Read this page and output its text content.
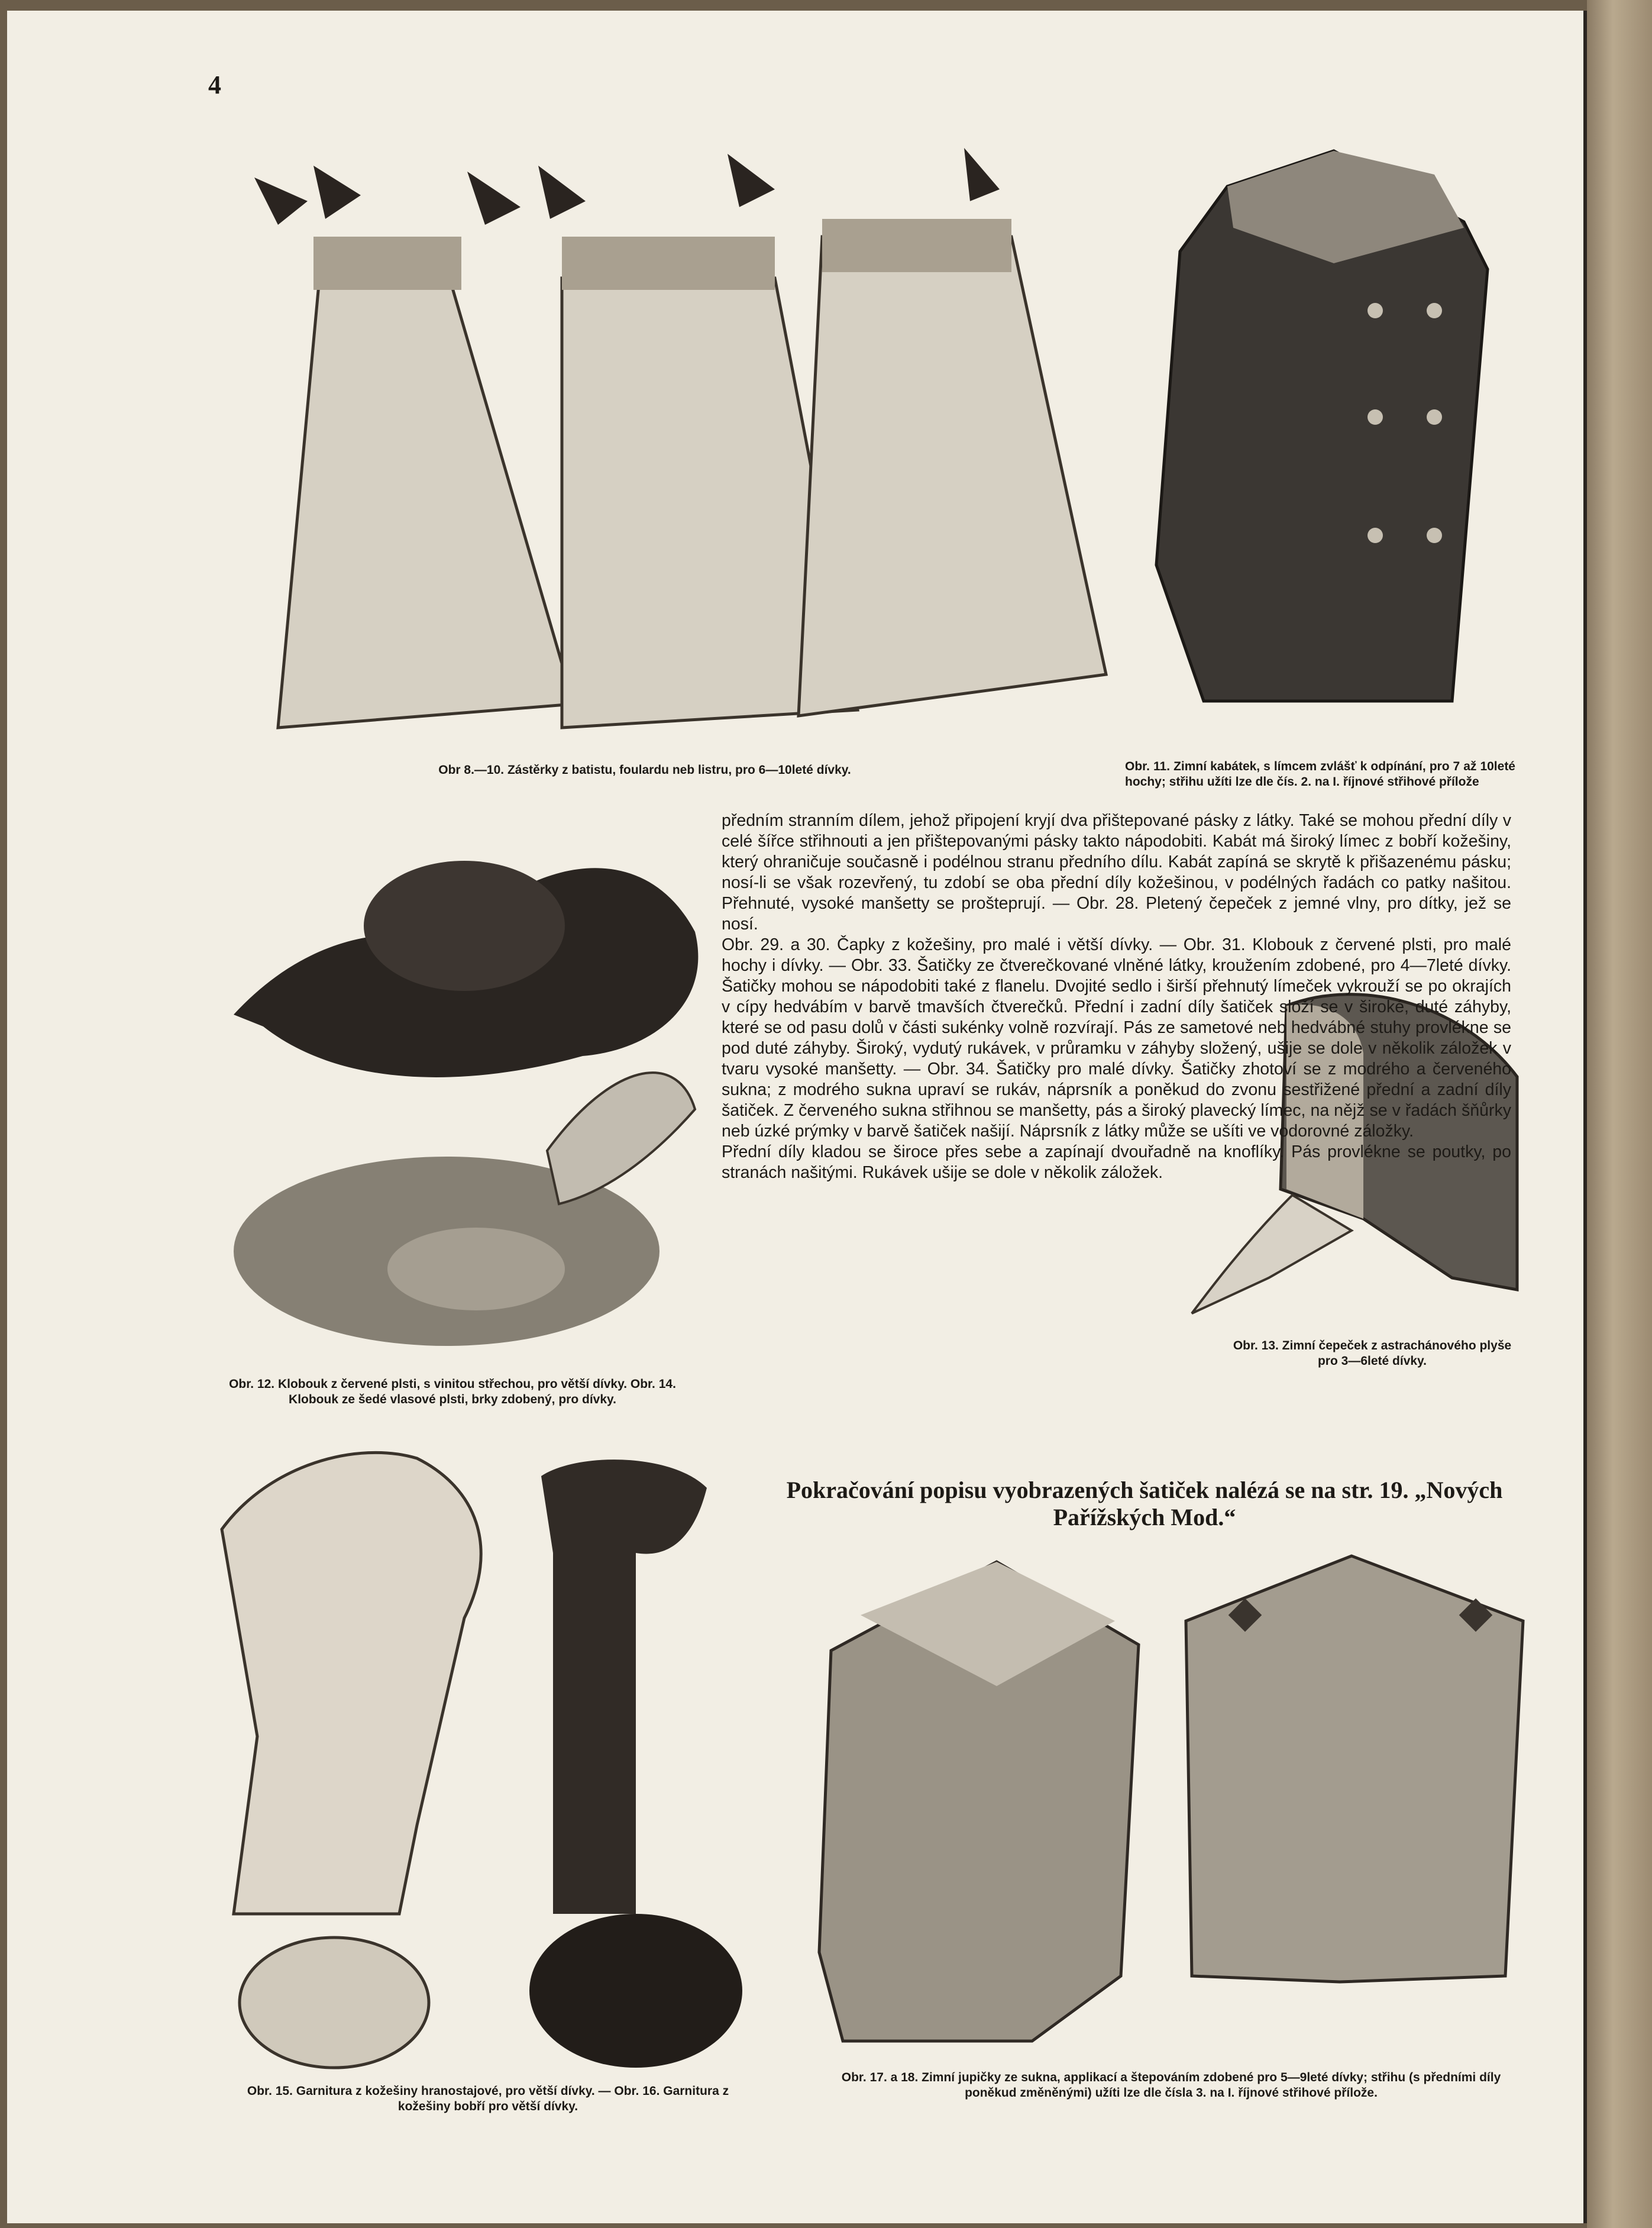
4

Obr 8.—10. Zástěrky z batistu, foulardu neb listru, pro 6—10leté dívky.	Obr. 11. Zimní kabátek, s límcem zvlášť k odpínání, pro 7 až 10leté hochy; střihu užíti lze dle čís. 2. na I. říjnové střihové přílože

Obr. 12. Klobouk z červené plsti, s vinitou střechou, pro větší dívky. Obr. 14. Klobouk ze šedé vlasové plsti, brky zdobený, pro dívky.

Obr. 13. Zimní čepeček z astrachánového plyše pro 3—6leté dívky.

Obr. 15. Garnitura z kožešiny hranostajové, pro větší dívky. — Obr. 16. Garnitura z kožešiny bobří pro větší dívky.

Obr. 17. a 18. Zimní jupičky ze sukna, applikací a štepováním zdobené pro 5—9leté dívky; střihu (s předními díly poněkud změněnými) užíti lze dle čísla 3. na I. říjnové střihové přílože.

předním stranním dílem, jehož připojení kryjí dva přištepované pásky z látky. Také se mohou přední díly v celé šířce střihnouti a jen přištepovanými pásky takto nápodobiti. Kabát má široký límec z bobří kožešiny, který ohraničuje současně i podélnou stranu předního dílu. Kabát zapíná se skrytě k přišazenému pásku; nosí-li se však rozevřený, tu zdobí se oba přední díly kožešinou, v podélných řadách co patky našitou. Přehnuté, vysoké manšetty se prošteprují. — Obr. 28. Pletený čepeček z jemné vlny, pro dítky, jež se nosí.

Obr. 29. a 30. Čapky z kožešiny, pro malé i větší dívky. — Obr. 31. Klobouk z červené plsti, pro malé hochy i dívky. — Obr. 33. Šatičky ze čtverečkované vlněné látky, kroužením zdobené, pro 4—7leté dívky. Šatičky mohou se nápodobiti také z flanelu. Dvojité sedlo i širší přehnutý límeček vykrouží se po okrajích v cípy hedvábím v barvě tmavších čtverečků. Přední i zadní díly šatiček složí se v široké, duté záhyby, které se od pasu dolů v části sukénky volně rozvírají. Pás ze sametové neb hedvábné stuhy provlékne se pod duté záhyby. Široký, vydutý rukávek, v průramku v záhyby složený, ušije se dole v několik záložek v tvaru vysoké manšetty. — Obr. 34. Šatičky pro malé dívky. Šatičky zhotoví se z modrého a červeného sukna; z modrého sukna upraví se rukáv, náprsník a poněkud do zvonu sestřižené přední a zadní díly šatiček. Z červeného sukna střihnou se manšetty, pás a široký plavecký límec, na nějž se v řadách šňůrky neb úzké prýmky v barvě šatiček našijí. Náprsník z látky může se ušíti ve vodorovné záložky.

Přední díly kladou se široce přes sebe a zapínají dvouřadně na knoflíky. Pás provlékne se poutky, po stranách našitými. Rukávek ušije se dole v několik záložek.

Pokračování popisu vyobrazených šatiček nalézá se na str. 19. „Nových Pařížských Mod.“
